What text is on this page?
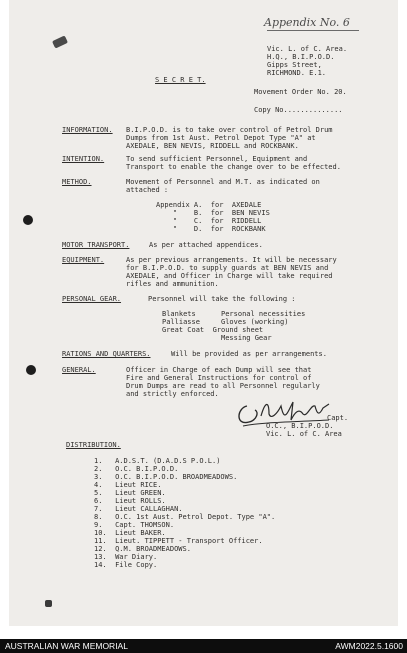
Appendix No. 6
Vic. L. of C. Area.
H.Q., B.I.P.O.D.
Gipps Street,
RICHMOND. E.1.
S E C R E T.
Movement Order No. 20.
Copy No..............
INFORMATION. B.I.P.O.D. is to take over control of Petrol Drum
Dumps from 1st Aust. Petrol Depot Type "A" at
AXEDALE, BEN NEVIS, RIDDELL and ROCKBANK.
INTENTION.	To send sufficient Personnel, Equipment and
Transport to enable the change over to be effected.
METHOD.	Movement of Personnel and M.T. as indicated on
attached :
Appendix A.  for  AXEDALE
"    B.  for  BEN NEVIS
"    C.  for  RIDDELL
"    D.  for  ROCKBANK
MOTOR TRANSPORT.	As per attached appendices.
EQUIPMENT.	As per previous arrangements. It will be necessary
for B.I.P.O.D. to supply guards at BEN NEVIS and
AXEDALE, and Officer in Charge will take required
rifles and ammunition.
PERSONAL GEAR.	Personnel will take the following :
Blankets      Personal necessities
Palliasse     Gloves (working)
Great Coat  Ground sheet
Messing Gear
RATIONS AND QUARTERS.	Will be provided as per arrangements.
GENERAL.	Officer in Charge of each Dump will see that
Fire and General Instructions for control of
Drum Dumps are read to all Personnel regularly
and strictly enforced.
Capt.
O.C., B.I.P.O.D.
Vic. L. of C. Area
DISTRIBUTION.
1.   A.D.S.T. (D.A.D.S P.O.L.)
2.   O.C. B.I.P.O.D.
3.   O.C. B.I.P.O.D. BROADMEADOWS.
4.   Lieut RICE.
5.   Lieut GREEN.
6.   Lieut ROLLS.
7.   Lieut CALLAGHAN.
8.   O.C. 1st Aust. Petrol Depot. Type "A".
9.   Capt. THOMSON.
10.  Lieut BAKER.
11.  Lieut. TIPPETT - Transport Officer.
12.  Q.M. BROADMEADOWS.
13.  War Diary.
14.  File Copy.
AUSTRALIAN WAR MEMORIAL	AWM2022.5.1600
